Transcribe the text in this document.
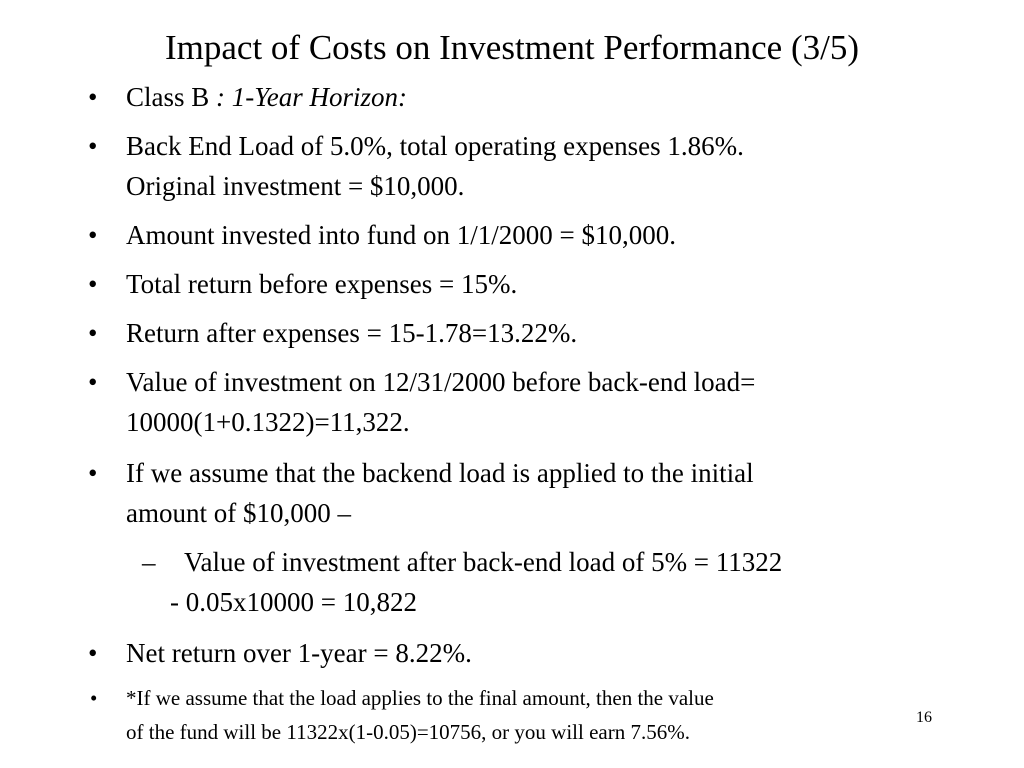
Impact of Costs on Investment Performance (3/5)
• Class B : 1-Year Horizon:
• Back End Load of 5.0%, total operating expenses 1.86%.
Original investment = $10,000.
• Amount invested into fund on 1/1/2000 = $10,000.
• Total return before expenses = 15%.
• Return after expenses = 15-1.78=13.22%.
• Value of investment on 12/31/2000 before back-end load=
10000(1+0.1322)=11,322.
• If we assume that the backend load is applied to the initial
amount of $10,000 –
–	Value of investment after back-end load of 5% = 11322
- 0.05x10000 = 10,822
• Net return over 1-year = 8.22%.
• *If we assume that the load applies to the final amount, then the value
of the fund will be 11322x(1-0.05)=10756, or you will earn 7.56%.
16
